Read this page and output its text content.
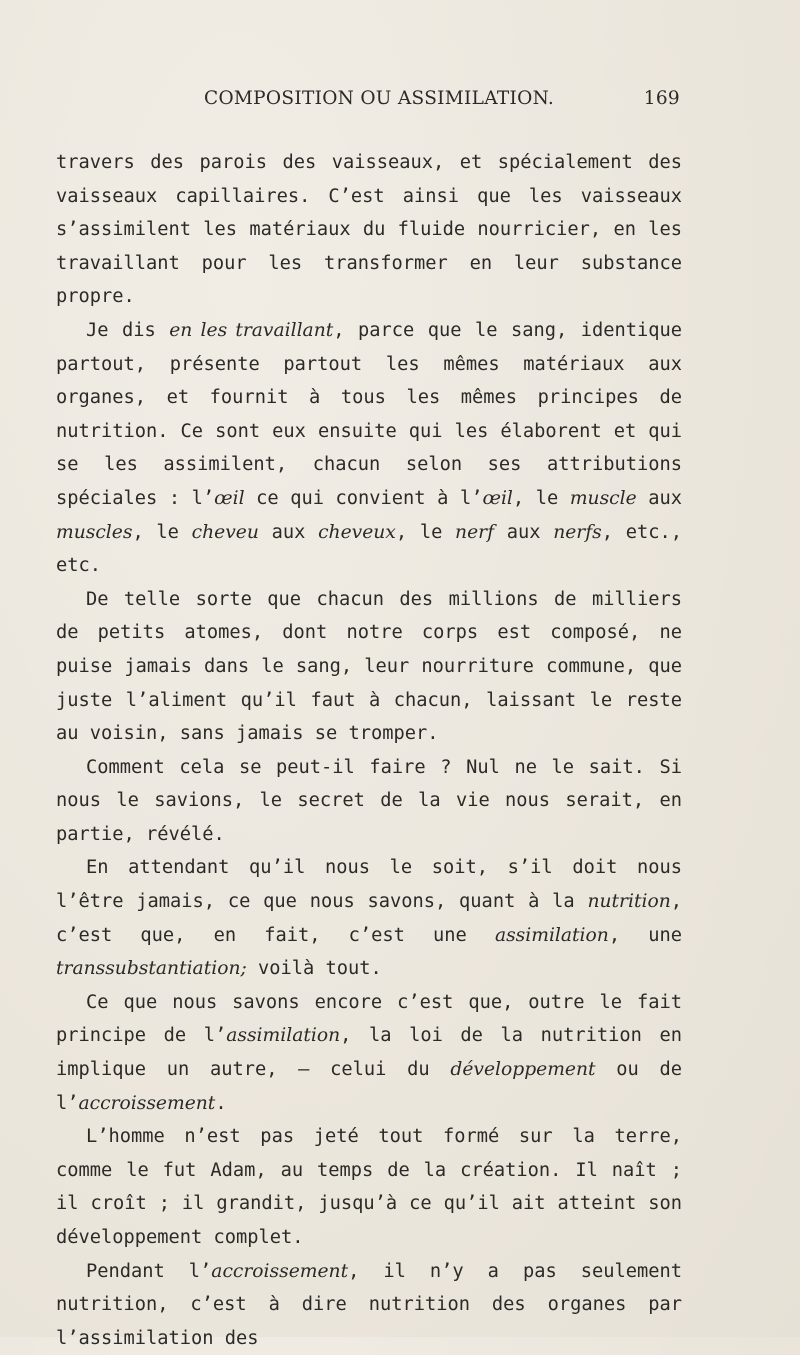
COMPOSITION OU ASSIMILATION.	169

travers des parois des vaisseaux, et spécialement des vaisseaux capillaires. C’est ainsi que les vaisseaux s’assimilent les matériaux du fluide nourricier, en les travaillant pour les transformer en leur substance propre.

Je dis en les travaillant, parce que le sang, identique partout, présente partout les mêmes matériaux aux organes, et fournit à tous les mêmes principes de nutrition. Ce sont eux ensuite qui les élaborent et qui se les assimilent, chacun selon ses attributions spéciales : l’œil ce qui convient à l’œil, le muscle aux muscles, le cheveu aux cheveux, le nerf aux nerfs, etc., etc.

De telle sorte que chacun des millions de milliers de petits atomes, dont notre corps est composé, ne puise jamais dans le sang, leur nourriture commune, que juste l’aliment qu’il faut à chacun, laissant le reste au voisin, sans jamais se tromper.

Comment cela se peut-il faire ? Nul ne le sait. Si nous le savions, le secret de la vie nous serait, en partie, révélé.

En attendant qu’il nous le soit, s’il doit nous l’être jamais, ce que nous savons, quant à la nutrition, c’est que, en fait, c’est une assimilation, une transsubstantiation; voilà tout.

Ce que nous savons encore c’est que, outre le fait principe de l’assimilation, la loi de la nutrition en implique un autre, — celui du développement ou de l’accroissement.

L’homme n’est pas jeté tout formé sur la terre, comme le fut Adam, au temps de la création. Il naît ; il croît ; il grandit, jusqu’à ce qu’il ait atteint son développement complet.

Pendant l’accroissement, il n’y a pas seulement nutrition, c’est à dire nutrition des organes par l’assimilation des
